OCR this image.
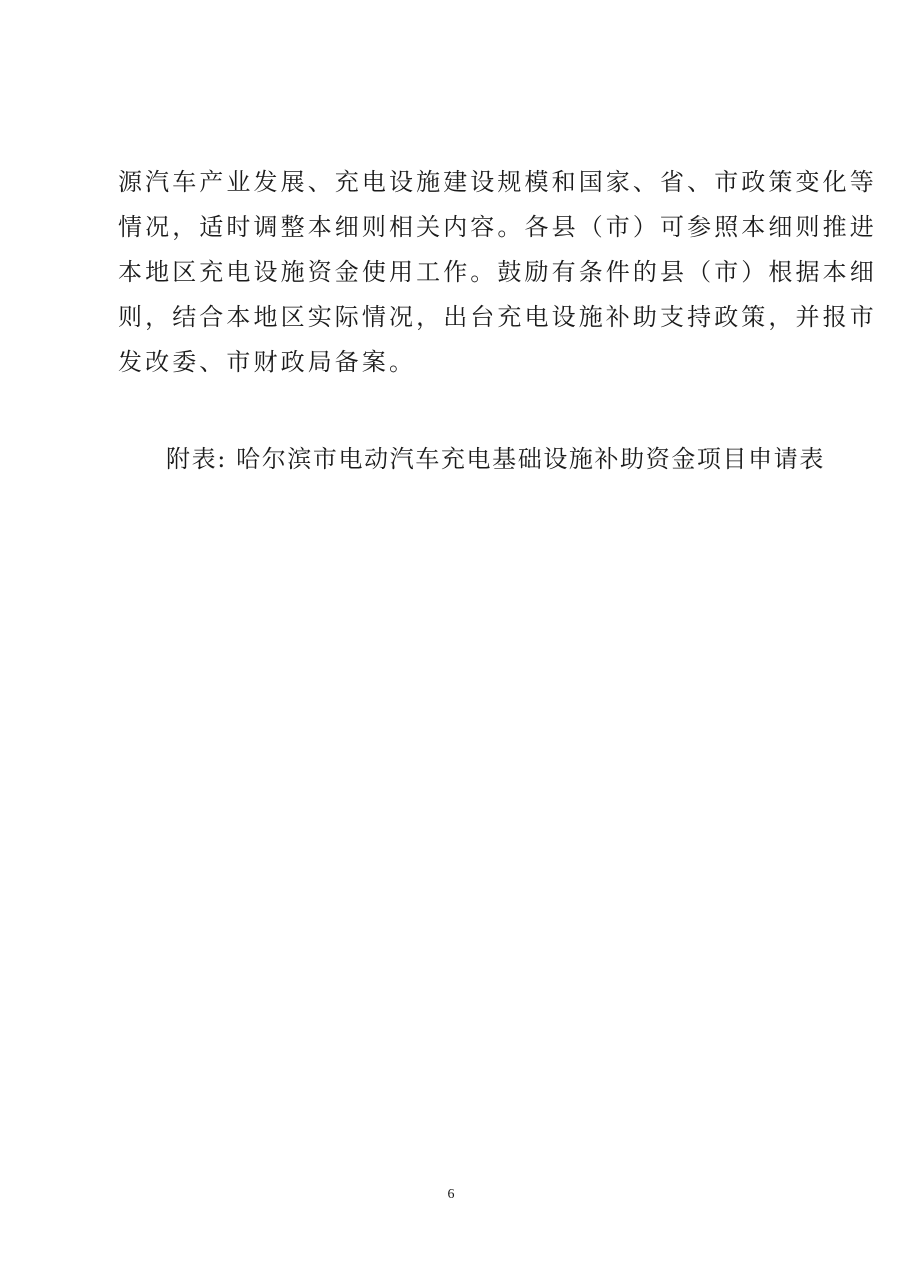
源汽车产业发展、充电设施建设规模和国家、省、市政策变化等
情况，适时调整本细则相关内容。各县（市）可参照本细则推进
本地区充电设施资金使用工作。鼓励有条件的县（市）根据本细
则，结合本地区实际情况，出台充电设施补助支持政策，并报市
发改委、市财政局备案。
附表: 哈尔滨市电动汽车充电基础设施补助资金项目申请表
6
